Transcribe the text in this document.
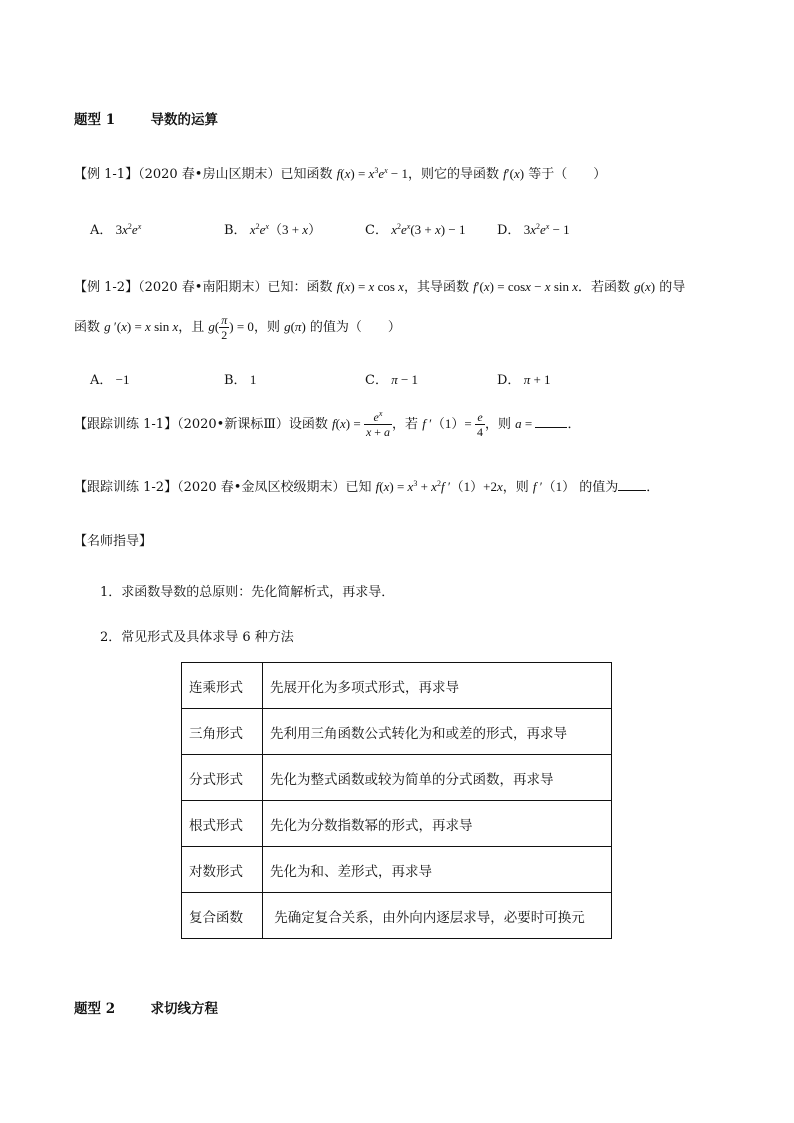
题型 1	导数的运算
【例 1-1】（2020 春•房山区期末）已知函数 $f(x) = x^3e^x - 1$，则它的导函数 f′(x) 等于（　　）
A． $3x^2e^x$	B． $x^2e^x(3 + x)$	C． $x^2e^x(3 + x) - 1$ D． $3x^2e^x - 1$
【例 1-2】（2020 春•南阳期末）已知：函数 f(x) = x cos x，其导函数 f′(x) = cosx − x sin x．若函数 g(x) 的导
函数 g ′(x) = x sin x，且 $g( \frac{\pi}{2}$ ) = 0，则 g(π) 的值为（　　）
A． −1	B． 1	C． π − 1	D． π + 1
【跟踪训练 1-1】（2020•新课标Ⅲ）设函数 $f(x) = \frac{e^x}{x + a}$ ，若 f $'(1)= \frac{e}{4}$ ，则 a = ．
【跟踪训练 1-2】（2020 春•金凤区校级期末）已知 $f(x) = x^3 + x^2f$ ′（1）+2x，则 f ′（1） 的值为 ．
【名师指导】
1．求函数导数的总原则：先化简解析式，再求导．
2．常见形式及具体求导 6 种方法
连乘形式	先展开化为多项式形式，再求导
三角形式	先利用三角函数公式转化为和或差的形式，再求导
分式形式	先化为整式函数或较为简单的分式函数，再求导
根式形式	先化为分数指数幂的形式，再求导
对数形式	先化为和、差形式，再求导
复合函数	先确定复合关系，由外向内逐层求导，必要时可换元
题型 2	求切线方程
